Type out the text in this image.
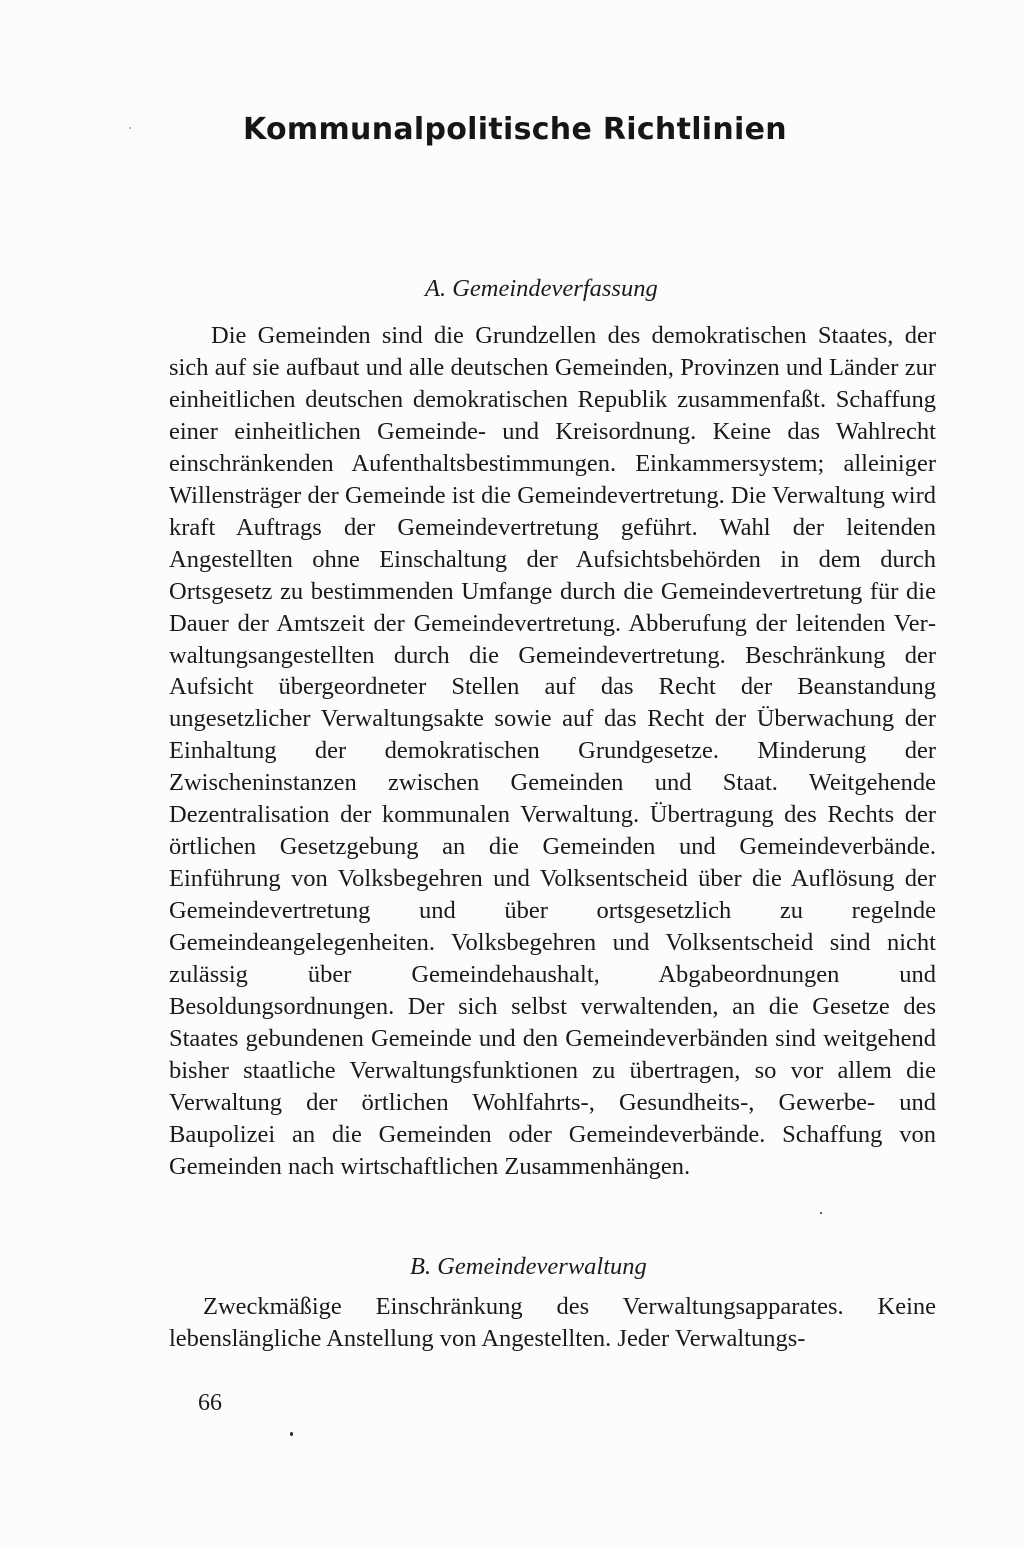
Kommunalpolitische Richtlinien
A. Gemeindeverfassung

Die Gemeinden sind die Grundzellen des demokratischen Staates, der sich auf sie aufbaut und alle deutschen Gemeinden, Provinzen und Länder zur einheitlichen deutschen demokratischen Republik zusammenfaßt. Schaffung einer einheitlichen Gemeinde- und Kreisordnung. Keine das Wahlrecht einschränkenden Aufenthaltsbestimmungen. Einkammersystem; alleiniger Willensträger der Gemeinde ist die Gemeindevertretung. Die Verwaltung wird kraft Auftrags der Gemeindevertretung geführt. Wahl der leitenden Angestellten ohne Einschaltung der Aufsichtsbehörden in dem durch Ortsgesetz zu bestimmenden Umfange durch die Gemeindevertretung für die Dauer der Amtszeit der Gemeindevertretung. Abberufung der leitenden Verwaltungsangestellten durch die Gemeindevertretung. Beschränkung der Aufsicht übergeordneter Stellen auf das Recht der Beanstandung ungesetzlicher Verwaltungsakte sowie auf das Recht der Überwachung der Einhaltung der demokratischen Grundgesetze. Minderung der Zwischeninstanzen zwischen Gemeinden und Staat. Weitgehende Dezentralisation der kommunalen Verwaltung. Übertragung des Rechts der örtlichen Gesetzgebung an die Gemeinden und Gemeindeverbände. Einführung von Volksbegehren und Volksentscheid über die Auflösung der Gemeindevertretung und über ortsgesetzlich zu regelnde Gemeindeangelegenheiten. Volksbegehren und Volksentscheid sind nicht zulässig über Gemeindehaushalt, Abgabeordnungen und Besoldungsordnungen. Der sich selbst verwaltenden, an die Gesetze des Staates gebundenen Gemeinde und den Gemeindeverbänden sind weitgehend bisher staatliche Verwaltungsfunktionen zu übertragen, so vor allem die Verwaltung der örtlichen Wohlfahrts-, Gesundheits-, Gewerbe- und Baupolizei an die Gemeinden oder Gemeindeverbände. Schaffung von Gemeinden nach wirtschaftlichen Zusammenhängen.

B. Gemeindeverwaltung

Zweckmäßige Einschränkung des Verwaltungsapparates. Keine lebenslängliche Anstellung von Angestellten. Jeder Verwaltungs-

66
